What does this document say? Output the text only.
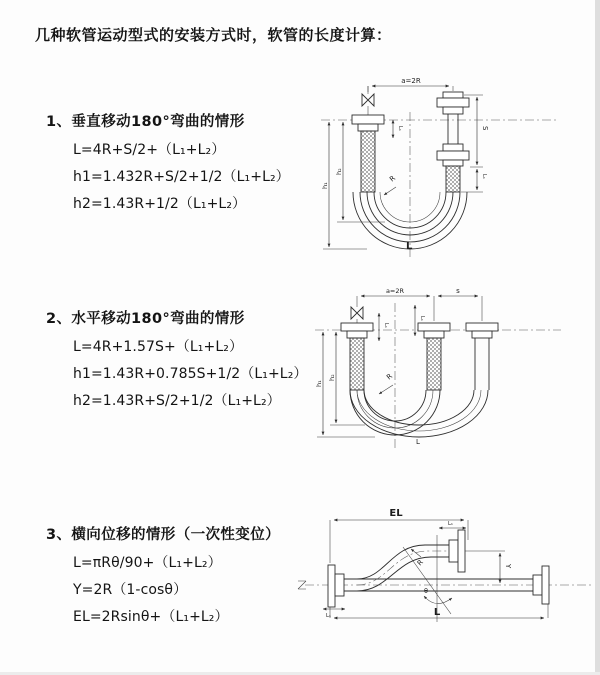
几种软管运动型式的安装方式时，软管的长度计算：
1、垂直移动180°弯曲的情形
L=4R+S/2+（L₁+L₂）
h1=1.432R+S/2+1/2（L₁+L₂）
h2=1.43R+1/2（L₁+L₂）
2、水平移动180°弯曲的情形
L=4R+1.57S+（L₁+L₂）
h1=1.43R+0.785S+1/2（L₁+L₂）
h2=1.43R+S/2+1/2（L₁+L₂）
3、横向位移的情形（一次性变位）
L=πRθ/90+（L₁+L₂）
Y=2R（1-cosθ）
EL=2Rsinθ+（L₁+L₂）
a=2R
R
L₁
h₁
h₂
S
L₁
L
a=2R	s
L₁
L₁
h₁
h₂	R
L
EL
L₁
θ
R	Y
L
L₁
